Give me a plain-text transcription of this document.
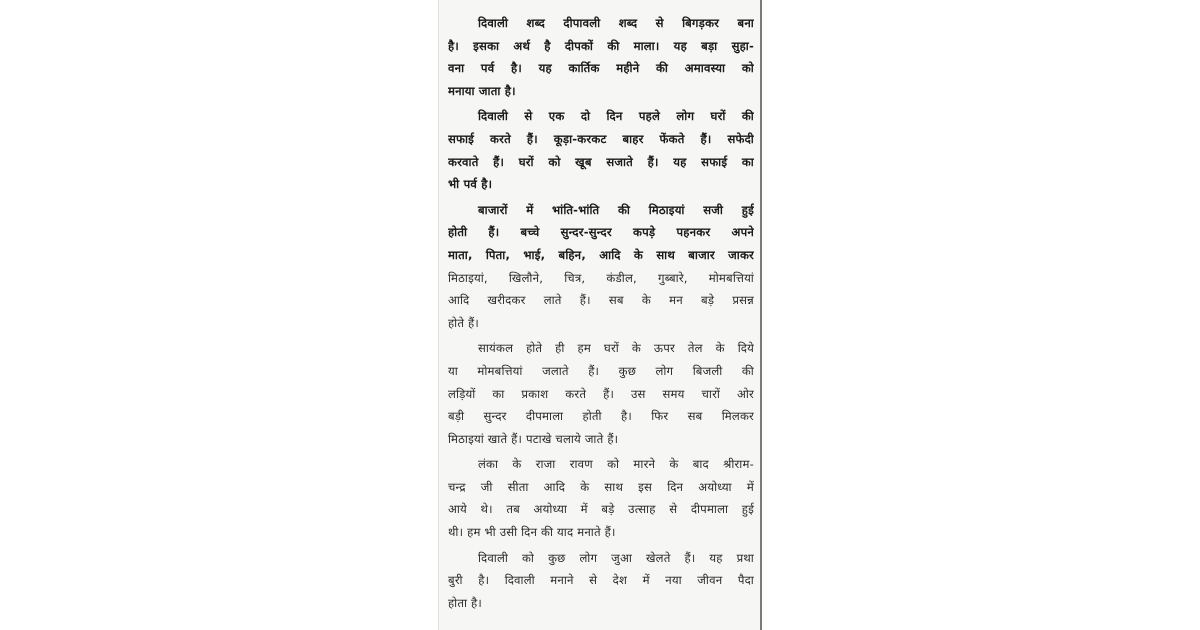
दिवाली शब्द दीपावली शब्द से बिगड़कर बना
है। इसका अर्थ है दीपकों की माला। यह बड़ा सुहा-
वना पर्व है। यह कार्तिक महीने की अमावस्या को
मनाया जाता है।
दिवाली से एक दो दिन पहले लोग घरों की
सफाई करते हैं। कूड़ा-करकट बाहर फेंकते हैं। सफेदी
करवाते हैं। घरों को खूब सजाते हैं। यह सफाई का
भी पर्व है।
बाजारों में भांति-भांति की मिठाइयां सजी हुई
होती हैं। बच्चे सुन्दर-सुन्दर कपड़े पहनकर अपने
माता, पिता, भाई, बहिन, आदि के साथ बाजार जाकर
मिठाइयां, खिलौने, चित्र, कंडील, गुब्बारे, मोमबत्तियां
आदि खरीदकर लाते हैं। सब के मन बड़े प्रसन्न
होते हैं।
सायंकल होते ही हम घरों के ऊपर तेल के दिये
या मोमबत्तियां जलाते हैं। कुछ लोग बिजली की
लड़ियों का प्रकाश करते हैं। उस समय चारों ओर
बड़ी सुन्दर दीपमाला होती है। फिर सब मिलकर
मिठाइयां खाते हैं। पटाखे चलाये जाते हैं।
लंका के राजा रावण को मारने के बाद श्रीराम-
चन्द्र जी सीता आदि के साथ इस दिन अयोध्या में
आये थे। तब अयोध्या में बड़े उत्साह से दीपमाला हुई
थी। हम भी उसी दिन की याद मनाते हैं।
दिवाली को कुछ लोग जुआ खेलते हैं। यह प्रथा
बुरी है। दिवाली मनाने से देश में नया जीवन पैदा
होता है।
